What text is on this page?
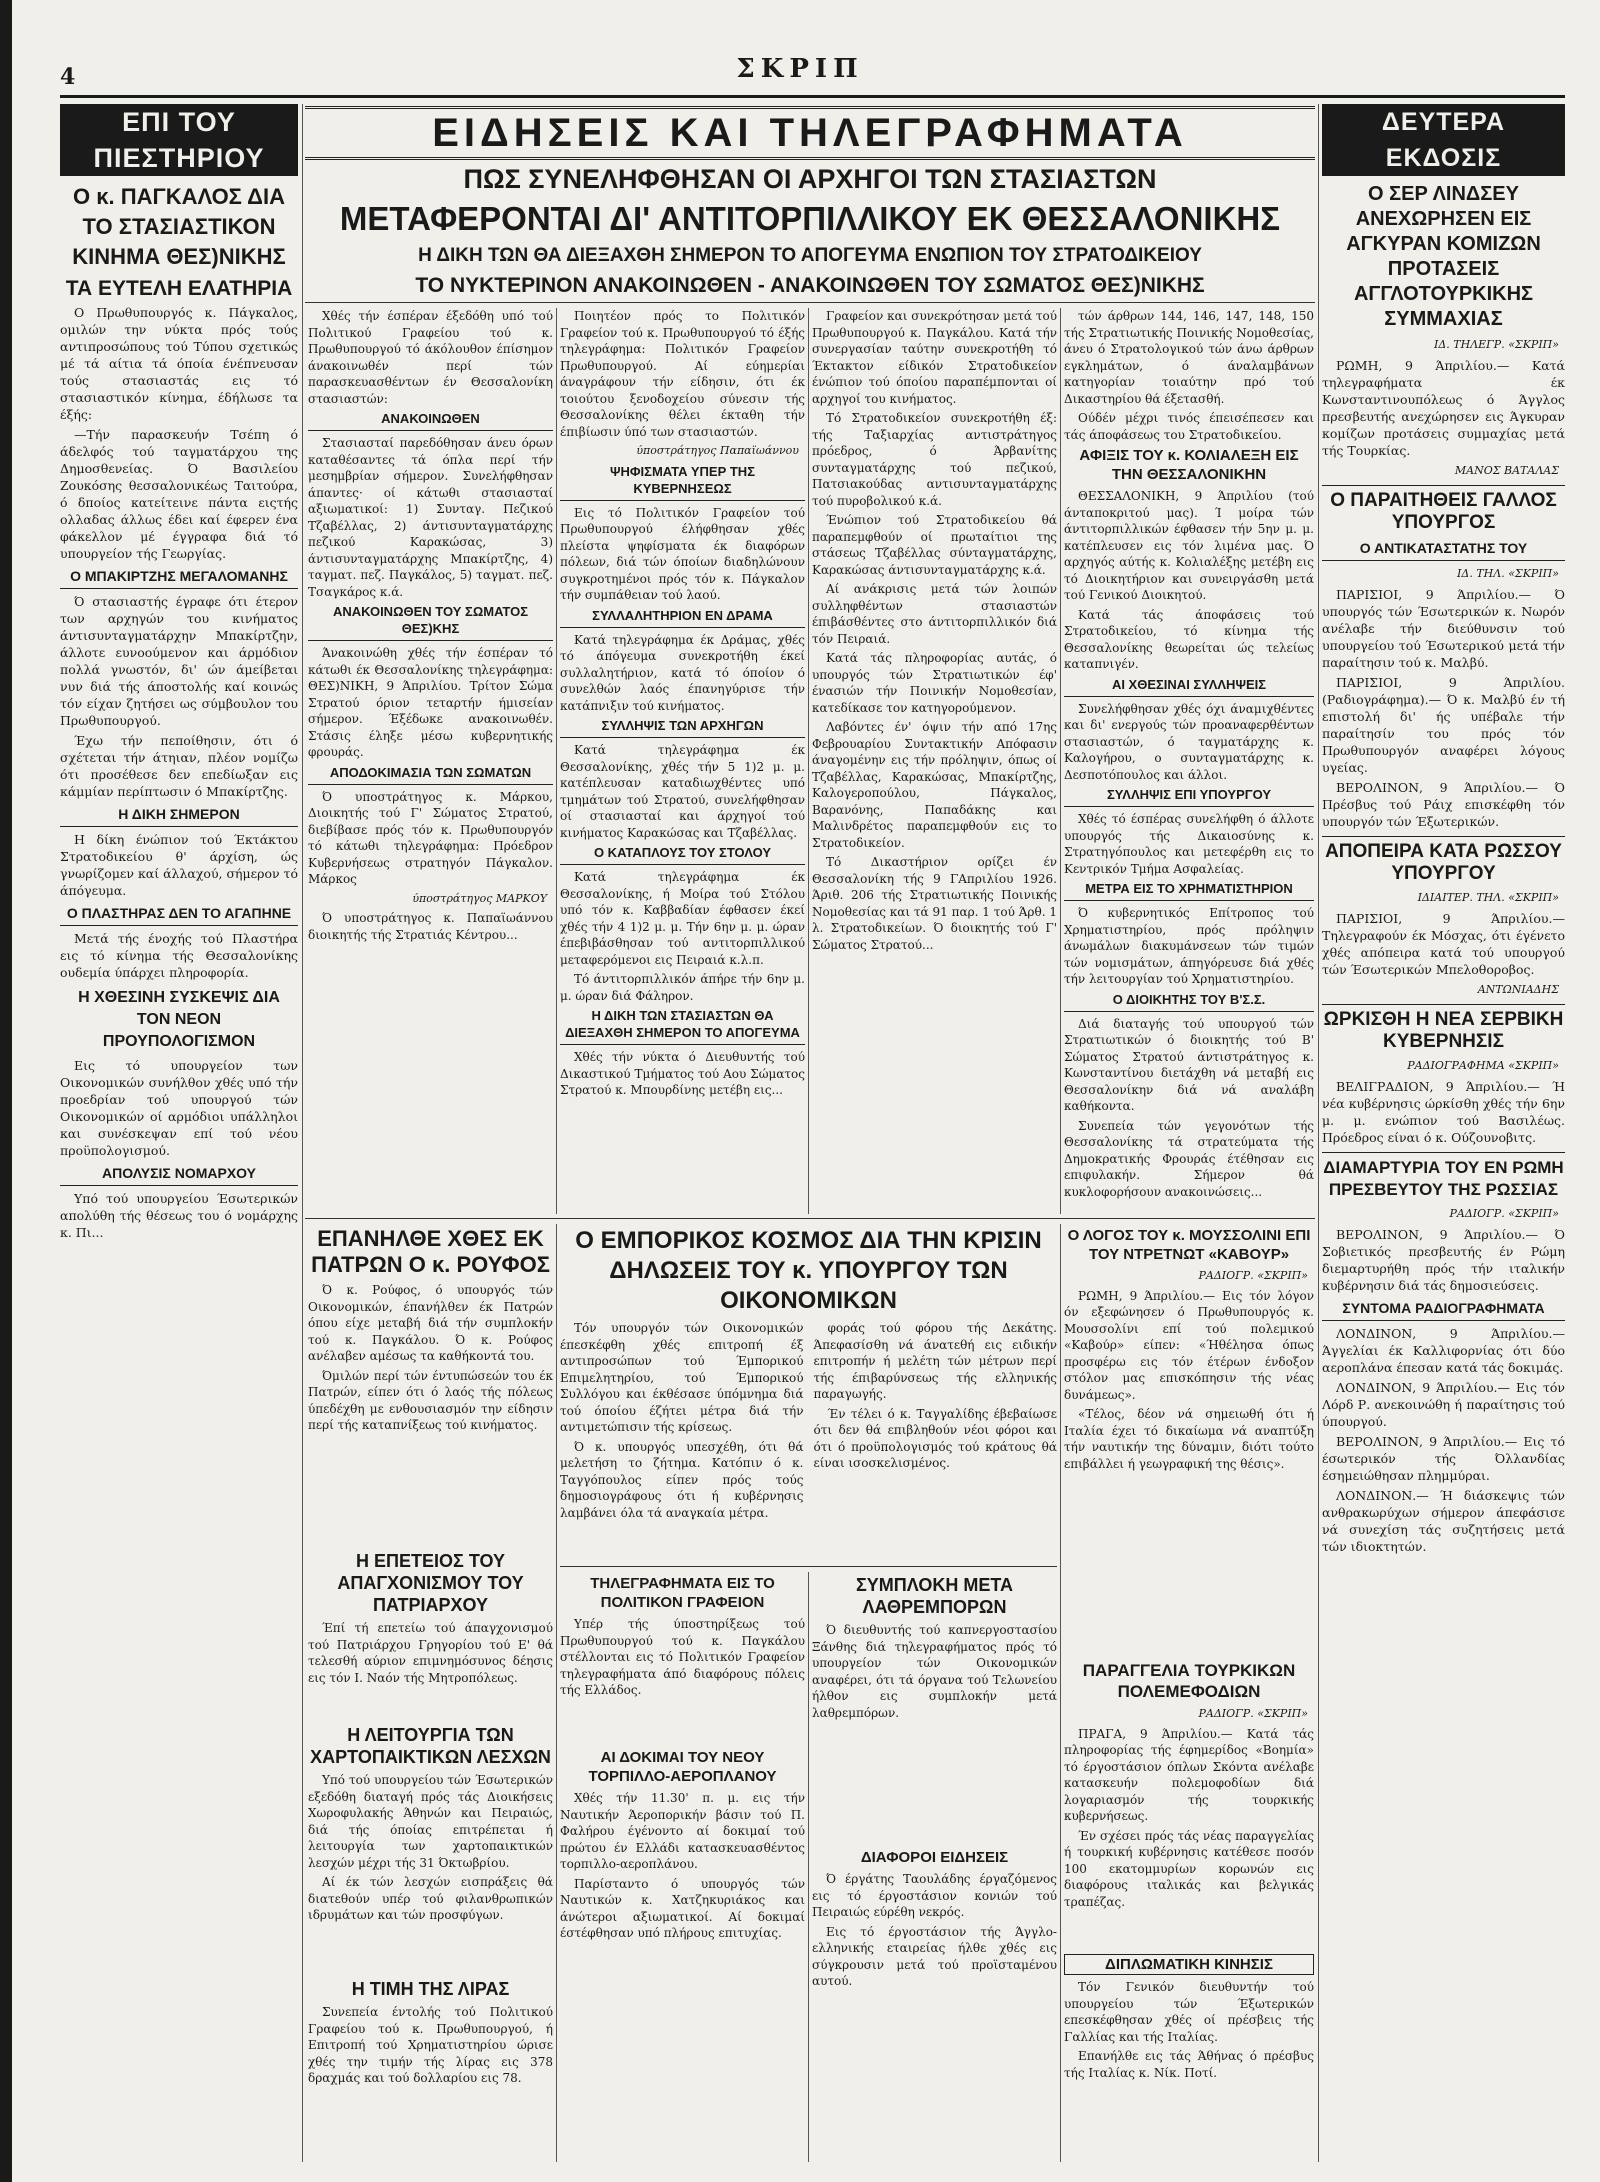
4	ΣΚΡΙΠ
ΕΠΙ ΤΟΥ ΠΙΕΣΤΗΡΙΟΥ
Ο κ. ΠΑΓΚΑΛΟΣ ΔΙΑ ΤΟ ΣΤΑΣΙΑΣΤΙΚΟΝ ΚΙΝΗΜΑ ΘΕΣ)ΝΙΚΗΣ
ΤΑ ΕΥΤΕΛΗ ΕΛΑΤΗΡΙΑ

Ο Πρωθυπουργός κ. Πάγκαλος, ομιλών την νύκτα πρός τούς αντιπροσώπους τού Τύπου σχετικώς μέ τά αίτια τά όποία ένέπνευσαν τούς στασιαστάς εις τό στασιαστικόν κίνημα, έδήλωσε τα έξής:

—Τήν παρασκευήν Τσέπη ό άδελφός τού ταγματάρχου της Δημοσθενείας. Ό Βασιλείου Ζουκόσης θεσσαλονικέως Ταιτούρα, ό δποίος κατείτεινε πάντα ειςτής ολλαδας άλλως έδει καί έφερεν ένα φάκελλον μέ έγγραφα διά τό υπουργείον τής Γεωργίας.

Ο ΜΠΑΚΙΡΤΖΗΣ ΜΕΓΑΛΟΜΑΝΗΣ

Ό στασιαστής έγραφε ότι έτερον των αρχηγών του κινήματος άντισυνταγματάρχην Μπακίρτζην, άλλοτε ευνοούμενον και άρμόδιον πολλά γνωστόν, δι' ών άμείβεται νυν διά τής άποστολής καί κοινώς τόν είχαν ζητήσει ως σύμβουλον του Πρωθυπουργού.

Έχω τήν πεποίθησιν, ότι ό σχέτεται τήν άτηιαν, πλέον νομίζω ότι προσέθεσε δεν επεδίωξαν εις κάμμίαν περίπτωσιν ό Μπακίρτζης.

Η ΔΙΚΗ ΣΗΜΕΡΟΝ

Η δίκη ένώπιον τού Έκτάκτου Στρατοδικείου θ' άρχίση, ώς γνωρίζομεν καί άλλαχού, σήμερον τό άπόγευμα.

Ο ΠΛΑΣΤΗΡΑΣ ΔΕΝ ΤΟ ΑΓΑΠΗΝΕ

Μετά τής ένοχής τού Πλαστήρα εις τό κίνημα τής Θεσσαλονίκης ουδεμία ύπάρχει πληροφορία.

Η ΧΘΕΣΙΝΗ ΣΥΣΚΕΨΙΣ ΔΙΑ ΤΟΝ ΝΕΟΝ ΠΡΟΥΠΟΛΟΓΙΣΜΟΝ

Εις τό υπουργείον των Οικονομικών συνήλθον χθές υπό τήν προεδρίαν τού υπουργού τών Οικονομικών οί αρμόδιοι υπάλληλοι και συνέσκεψαν επί τού νέου προϋπολογισμού.

ΑΠΟΛΥΣΙΣ ΝΟΜΑΡΧΟΥ

Υπό τού υπουργείου Έσωτερικών απολύθη τής θέσεως του ό νομάρχης κ. Πι...

ΕΙΔΗΣΕΙΣ ΚΑΙ ΤΗΛΕΓΡΑΦΗΜΑΤΑ
ΠΩΣ ΣΥΝΕΛΗΦΘΗΣΑΝ ΟΙ ΑΡΧΗΓΟΙ ΤΩΝ ΣΤΑΣΙΑΣΤΩΝ
ΜΕΤΑΦΕΡΟΝΤΑΙ ΔΙ' ΑΝΤΙΤΟΡΠΙΛΛΙΚΟΥ ΕΚ ΘΕΣΣΑΛΟΝΙΚΗΣ
Η ΔΙΚΗ ΤΩΝ ΘΑ ΔΙΕΞΑΧΘΗ ΣΗΜΕΡΟΝ ΤΟ ΑΠΟΓΕΥΜΑ ΕΝΩΠΙΟΝ ΤΟΥ ΣΤΡΑΤΟΔΙΚΕΙΟΥ
ΤΟ ΝΥΚΤΕΡΙΝΟΝ ΑΝΑΚΟΙΝΩΘΕΝ - ΑΝΑΚΟΙΝΩΘΕΝ ΤΟΥ ΣΩΜΑΤΟΣ ΘΕΣ)ΝΙΚΗΣ

Χθές τήν έσπέραν έξεδόθη υπό τού Πολιτικού Γραφείου τού κ. Πρωθυπουργού τό άκόλουθον έπίσημον άνακοινωθέν περί τών παρασκευασθέντων έν Θεσσαλονίκη στασιαστών:

ΑΝΑΚΟΙΝΩΘΕΝ

Στασιασταί παρεδόθησαν άνευ όρων καταθέσαντες τά όπλα περί τήν μεσημβρίαν σήμερον. Συνελήφθησαν άπαντες· οί κάτωθι στασιασταί αξιωματικοί: 1) Συνταγ. Πεζικού Τζαβέλλας, 2) άντισυνταγματάρχης πεζικού Καρακώσας, 3) άντισυνταγματάρχης Μπακίρτζης, 4) ταγματ. πεζ. Παγκάλος, 5) ταγματ. πεζ. Τσαγκάρος κ.ά.

ΑΝΑΚΟΙΝΩΘΕΝ ΤΟΥ ΣΩΜΑΤΟΣ ΘΕΣ)ΚΗΣ

Άνακοινώθη χθές τήν έσπέραν τό κάτωθι έκ Θεσσαλονίκης τηλεγράφημα: ΘΕΣ)ΝΙΚΗ, 9 Άπριλίου. Τρίτον Σώμα Στρατού όριον τεταρτήν ήμισείαν σήμερον. Έξέδωκε ανακοινωθέν. Στάσις έληξε μέσω κυβερνητικής φρουράς.

ΑΠΟΔΟΚΙΜΑΣΙΑ ΤΩΝ ΣΩΜΑΤΩΝ

Ό υποστράτηγος κ. Μάρκου, Διοικητής τού Γ' Σώματος Στρατού, διεβίβασε πρός τόν κ. Πρωθυπουργόν τό κάτωθι τηλεγράφημα: Πρόεδρον Κυβερνήσεως στρατηγόν Πάγκαλον. Μάρκος

ύποστράτηγος ΜΑΡΚΟΥ

Ό υποστράτηγος κ. Παπαϊωάννου διοικητής τής Στρατιάς Κέντρου...

Ποιητέον πρός το Πολιτικόν Γραφείον τού κ. Πρωθυπουργού τό έξής τηλεγράφημα: Πολιτικόν Γραφείον Πρωθυπουργού. Αί εύημερίαι άναγράφουν τήν είδησιν, ότι έκ τοιούτου ξενοδοχείου σύνεσιν τής Θεσσαλονίκης θέλει έκταθη τήν έπιβίωσιν ύπό των στασιαστών.

ύποστράτηγος Παπαϊωάννου
ΨΗΦΙΣΜΑΤΑ ΥΠΕΡ ΤΗΣ ΚΥΒΕΡΝΗΣΕΩΣ

Εις τό Πολιτικόν Γραφείον τού Πρωθυπουργού έλήφθησαν χθές πλείστα ψηφίσματα έκ διαφόρων πόλεων, διά τών όποίων διαδηλώνουν συγκροτημένοι πρός τόν κ. Πάγκαλον τήν συμπάθειαν τού λαού.

ΣΥΛΛΑΛΗΤΗΡΙΟΝ ΕΝ ΔΡΑΜΑ

Κατά τηλεγράφημα έκ Δράμας, χθές τό άπόγευμα συνεκροτήθη έκεί συλλαλητήριον, κατά τό όποίον ό συνελθών λαός έπανηγύρισε τήν κατάπνιξιν τού κινήματος.

ΣΥΛΛΗΨΙΣ ΤΩΝ ΑΡΧΗΓΩΝ

Κατά τηλεγράφημα έκ Θεσσαλονίκης, χθές τήν 5 1)2 μ. μ. κατέπλευσαν καταδιωχθέντες υπό τμημάτων τού Στρατού, συνελήφθησαν οί στασιασταί και άρχηγοί τού κινήματος Καρακώσας και Τζαβέλλας.

Ο ΚΑΤΑΠΛΟΥΣ ΤΟΥ ΣΤΟΛΟΥ

Κατά τηλεγράφημα έκ Θεσσαλονίκης, ή Μοίρα τού Στόλου υπό τόν κ. Καββαδίαν έφθασεν έκεί χθές τήν 4 1)2 μ. μ. Τήν 6ην μ. μ. ώραν έπεβιβάσθησαν τού αντιτορπιλλικού μεταφερόμενοι εις Πειραιά κ.λ.π.

Τό άντιτορπιλλικόν άπήρε τήν 6ην μ. μ. ώραν διά Φάληρον.

Η ΔΙΚΗ ΤΩΝ ΣΤΑΣΙΑΣΤΩΝ ΘΑ ΔΙΕΞΑΧΘΗ ΣΗΜΕΡΟΝ ΤΟ ΑΠΟΓΕΥΜΑ

Χθές τήν νύκτα ό Διευθυντής τού Δικαστικού Τμήματος τού Αου Σώματος Στρατού κ. Μπουρδίνης μετέβη εις...

Γραφείον και συνεκρότησαν μετά τού Πρωθυπουργού κ. Παγκάλου. Κατά τήν συνεργασίαν ταύτην συνεκροτήθη τό Έκτακτον είδικόν Στρατοδικείον ένώπιον τού όποίου παραπέμπονται οί αρχηγοί του κινήματος.

Τό Στρατοδικείον συνεκροτήθη έξ: τής Ταξιαρχίας αντιστράτηγος πρόεδρος, ό Άρβανίτης συνταγματάρχης τού πεζικού, Πατσιακούδας αντισυνταγματάρχης τού πυροβολικού κ.ά.

Ένώπιον τού Στρατοδικείου θά παραπεμφθούν οί πρωταίτιοι της στάσεως Τζαβέλλας σύνταγματάρχης, Καρακώσας άντισυνταγματάρχης κ.ά.

Αί ανάκρισις μετά τών λοιπών συλληφθέντων στασιαστών έπιβάσθέντες στο άντιτορπιλλικόν διά τόν Πειραιά.

Κατά τάς πληροφορίας αυτάς, ό υπουργός τών Στρατιωτικών έφ' ένασιών τήν Ποινικήν Νομοθεσίαν, κατεδίκασε τον κατηγορούμενον.

Λαβόντες έν' όψιν τήν από 17ης Φεβρουαρίου Συντακτικήν Απόφασιν άναγομένην εις τήν πρόληψιν, όπως οί Τζαβέλλας, Καρακώσας, Μπακίρτζης, Καλογεροπούλου, Πάγκαλος, Βαρανόνης, Παπαδάκης και Μαλινδρέτος παραπεμφθούν εις το Στρατοδικείον.

Τό Δικαστήριον ορίζει έν Θεσσαλονίκη τής 9 ΓΑπριλίου 1926. Άριθ. 206 τής Στρατιωτικής Ποινικής Νομοθεσίας και τά 91 παρ. 1 τού Άρθ. 1 λ. Στρατοδικείων. Ό διοικητής τού Γ' Σώματος Στρατού...

τών άρθρων 144, 146, 147, 148, 150 τής Στρατιωτικής Ποινικής Νομοθεσίας, άνευ ό Στρατολογικού τών άνω άρθρων εγκλημάτων, ό άναλαμβάνων κατηγορίαν τοιαύτην πρό τού Δικαστηρίου θά έξετασθή.

Ούδέν μέχρι τινός έπεισέπεσεν και τάς άποφάσεως του Στρατοδικείου.

ΑΦΙΞΙΣ ΤΟΥ κ. ΚΟΛΙΑΛΕΞΗ ΕΙΣ ΤΗΝ ΘΕΣΣΑΛΟΝΙΚΗΝ

ΘΕΣΣΑΛΟΝΙΚΗ, 9 Άπριλίου (τού άνταποκριτού μας). Ί μοίρα τών άντιτορπιλλικών έφθασεν τήν 5ην μ. μ. κατέπλευσεν εις τόν λιμένα μας. Ό αρχηγός αύτής κ. Κολιαλέξης μετέβη εις τό Διοικητήριον και συνειργάσθη μετά τού Γενικού Διοικητού.

Κατά τάς άποφάσεις τού Στρατοδικείου, τό κίνημα τής Θεσσαλονίκης θεωρείται ώς τελείως καταπνιγέν.

ΑΙ ΧΘΕΣΙΝΑΙ ΣΥΛΛΗΨΕΙΣ

Συνελήφθησαν χθές όχι άναμιχθέντες και δι' ενεργούς τών προαναφερθέντων στασιαστών, ό ταγματάρχης κ. Καλογήρου, ο συνταγματάρχης κ. Δεσποτόπουλος και άλλοι.

ΣΥΛΛΗΨΙΣ ΕΠΙ ΥΠΟΥΡΓΟΥ

Χθές τό έσπέρας συνελήφθη ό άλλοτε υπουργός τής Δικαιοσύνης κ. Στρατηγόπουλος και μετεφέρθη εις το Κεντρικόν Τμήμα Ασφαλείας.

ΜΕΤΡΑ ΕΙΣ ΤΟ ΧΡΗΜΑΤΙΣΤΗΡΙΟΝ

Ό κυβερνητικός Επίτροπος τού Χρηματιστηρίου, πρός πρόληψιν άνωμάλων διακυμάνσεων τών τιμών τών νομισμάτων, άπηγόρευσε διά χθές τήν λειτουργίαν τού Χρηματιστηρίου.

Ο ΔΙΟΙΚΗΤΗΣ ΤΟΥ Β'Σ.Σ.

Διά διαταγής τού υπουργού τών Στρατιωτικών ό διοικητής τού Β' Σώματος Στρατού άντιστράτηγος κ. Κωνσταντίνου διετάχθη νά μεταβή εις Θεσσαλονίκην διά νά αναλάβη καθήκοντα.

Συνεπεία τών γεγονότων τής Θεσσαλονίκης τά στρατεύματα τής Δημοκρατικής Φρουράς έτέθησαν εις επιφυλακήν. Σήμερον θά κυκλοφορήσουν ανακοινώσεις...

ΕΠΑΝΗΛΘΕ ΧΘΕΣ ΕΚ ΠΑΤΡΩΝ Ο κ. ΡΟΥΦΟΣ

Ό κ. Ρούφος, ό υπουργός τών Οικονομικών, έπανήλθεν έκ Πατρών όπου είχε μεταβή διά τήν συμπλοκήν τού κ. Παγκάλου. Ό κ. Ρούφος ανέλαβεν αμέσως τα καθήκοντά του.

Όμιλών περί τών έντυπώσεών του έκ Πατρών, είπεν ότι ό λαός τής πόλεως ύπεδέχθη με ενθουσιασμόν την είδησιν περί τής καταπνίξεως τού κινήματος.

Η ΕΠΕΤΕΙΟΣ ΤΟΥ ΑΠΑΓΧΟΝΙΣΜΟΥ ΤΟΥ ΠΑΤΡΙΑΡΧΟΥ

Έπί τή επετείω τού άπαγχονισμού τού Πατριάρχου Γρηγορίου τού Ε' θά τελεσθή αύριον επιμνημόσυνος δέησις εις τόν Ι. Ναόν τής Μητροπόλεως.

Η ΛΕΙΤΟΥΡΓΙΑ ΤΩΝ ΧΑΡΤΟΠΑΙΚΤΙΚΩΝ ΛΕΣΧΩΝ

Υπό τού υπουργείου τών Έσωτερικών εξεδόθη διαταγή πρός τάς Διοικήσεις Χωροφυλακής Άθηνών και Πειραιώς, διά τής όποίας επιτρέπεται ή λειτουργία των χαρτοπαικτικών λεσχών μέχρι τής 31 Όκτωβρίου.

Αί έκ τών λεσχών εισπράξεις θά διατεθούν υπέρ τού φιλανθρωπικών ιδρυμάτων και τών προσφύγων.

Η ΤΙΜΗ ΤΗΣ ΛΙΡΑΣ

Συνεπεία έντολής τού Πολιτικού Γραφείου τού κ. Πρωθυπουργού, ή Επιτροπή τού Χρηματιστηρίου ώρισε χθές την τιμήν τής λίρας εις 378 δραχμάς και τού δολλαρίου εις 78.

Ο ΕΜΠΟΡΙΚΟΣ ΚΟΣΜΟΣ ΔΙΑ ΤΗΝ ΚΡΙΣΙΝ ΔΗΛΩΣΕΙΣ ΤΟΥ κ. ΥΠΟΥΡΓΟΥ ΤΩΝ ΟΙΚΟΝΟΜΙΚΩΝ

Τόν υπουργόν τών Οικονομικών έπεσκέφθη χθές επιτροπή έξ αντιπροσώπων τού Έμπορικού Επιμελητηρίου, τού Έμπορικού Συλλόγου και έκθέσασε ύπόμνημα διά τού όποίου έζήτει μέτρα διά τήν αντιμετώπισιν τής κρίσεως.

Ό κ. υπουργός υπεσχέθη, ότι θά μελετήση το ζήτημα. Κατόπιν ό κ. Ταγγόπουλος είπεν πρός τούς δημοσιογράφους ότι ή κυβέρνησις λαμβάνει όλα τά αναγκαία μέτρα.

φοράς τού φόρου τής Δεκάτης. Άπεφασίσθη νά άνατεθή εις ειδικήν επιτροπήν ή μελέτη τών μέτρων περί τής έπιβαρύνσεως τής ελληνικής παραγωγής.

Έν τέλει ό κ. Ταγγαλίδης έβεβαίωσε ότι δεν θά επιβληθούν νέοι φόροι και ότι ό προϋπολογισμός τού κράτους θά είναι ισοσκελισμένος.

ΤΗΛΕΓΡΑΦΗΜΑΤΑ ΕΙΣ ΤΟ ΠΟΛΙΤΙΚΟΝ ΓΡΑΦΕΙΟΝ

Υπέρ τής ύποστηρίξεως τού Πρωθυπουργού τού κ. Παγκάλου στέλλονται εις τό Πολιτικόν Γραφείον τηλεγραφήματα άπό διαφόρους πόλεις τής Ελλάδος.

ΑΙ ΔΟΚΙΜΑΙ ΤΟΥ ΝΕΟΥ ΤΟΡΠΙΛΛΟ-ΑΕΡΟΠΛΑΝΟΥ

Χθές τήν 11.30' π. μ. εις τήν Ναυτικήν Άεροπορικήν βάσιν τού Π. Φαλήρου έγένοντο αί δοκιμαί τού πρώτου έν Ελλάδι κατασκευασθέντος τορπιλλο-αεροπλάνου.

Παρίσταντο ό υπουργός τών Ναυτικών κ. Χατζηκυριάκος και άνώτεροι αξιωματικοί. Αί δοκιμαί έστέφθησαν υπό πλήρους επιτυχίας.

ΣΥΜΠΛΟΚΗ ΜΕΤΑ ΛΑΘΡΕΜΠΟΡΩΝ

Ό διευθυντής τού καπνεργοστασίου Ξάνθης διά τηλεγραφήματος πρός τό υπουργείον τών Οικονομικών αναφέρει, ότι τά όργανα τού Τελωνείου ήλθον εις συμπλοκήν μετά λαθρεμπόρων.

ΔΙΑΦΟΡΟΙ ΕΙΔΗΣΕΙΣ

Ό έργάτης Ταουλάδης έργαζόμενος εις τό έργοστάσιον κονιών τού Πειραιώς εύρέθη νεκρός.

Εις τό έργοστάσιον τής Άγγλο-ελληνικής εταιρείας ήλθε χθές εις σύγκρουσιν μετά τού προϊσταμένου αυτού.

Ο ΛΟΓΟΣ ΤΟΥ κ. ΜΟΥΣΣΟΛΙΝΙ ΕΠΙ ΤΟΥ ΝΤΡΕΤΝΩΤ «ΚΑΒΟΥΡ»
ΡΑΔΙΟΓΡ. «ΣΚΡΙΠ»

ΡΩΜΗ, 9 Άπριλίου.— Εις τόν λόγον όν εξεφώνησεν ό Πρωθυπουργός κ. Μουσσολίνι επί τού πολεμικού «Καβούρ» είπεν: «Ήθέλησα όπως προσφέρω εις τόν έτέρων ένδοξον στόλον μας επισκόπησιν τής νέας δυνάμεως».

«Τέλος, δέον νά σημειωθή ότι ή Ιταλία έχει τό δικαίωμα νά αναπτύξη τήν ναυτικήν της δύναμιν, διότι τούτο επιβάλλει ή γεωγραφική της θέσις».

ΠΑΡΑΓΓΕΛΙΑ ΤΟΥΡΚΙΚΩΝ ΠΟΛΕΜΕΦΟΔΙΩΝ
ΡΑΔΙΟΓΡ. «ΣΚΡΙΠ»

ΠΡΑΓΑ, 9 Άπριλίου.— Κατά τάς πληροφορίας τής έφημερίδος «Βοημία» τό έργοστάσιον όπλων Σκόντα ανέλαβε κατασκευήν πολεμοφοδίων διά λογαριασμόν τής τουρκικής κυβερνήσεως.

Έν σχέσει πρός τάς νέας παραγγελίας ή τουρκική κυβέρνησις κατέθεσε ποσόν 100 εκατομμυρίων κορωνών εις διαφόρους ιταλικάς και βελγικάς τραπέζας.

ΔΙΠΛΩΜΑΤΙΚΗ ΚΙΝΗΣΙΣ

Τόν Γενικόν διευθυντήν τού υπουργείου τών Έξωτερικών επεσκέφθησαν χθές οί πρέσβεις τής Γαλλίας και τής Ιταλίας.

Επανήλθε εις τάς Άθήνας ό πρέσβυς τής Ιταλίας κ. Νίκ. Ποτί.

ΔΕΥΤΕΡΑ ΕΚΔΟΣΙΣ
Ο ΣΕΡ ΛΙΝΔΣΕΥ ΑΝΕΧΩΡΗΣΕΝ ΕΙΣ ΑΓΚΥΡΑΝ ΚΟΜΙΖΩΝ ΠΡΟΤΑΣΕΙΣ ΑΓΓΛΟΤΟΥΡΚΙΚΗΣ ΣΥΜΜΑΧΙΑΣ
ΙΔ. ΤΗΛΕΓΡ. «ΣΚΡΙΠ»

ΡΩΜΗ, 9 Άπριλίου.— Κατά τηλεγραφήματα έκ Κωνσταντινουπόλεως ό Άγγλος πρεσβευτής ανεχώρησεν εις Άγκυραν κομίζων προτάσεις συμμαχίας μετά τής Τουρκίας.

ΜΑΝΟΣ ΒΑΤΑΛΑΣ
Ο ΠΑΡΑΙΤΗΘΕΙΣ ΓΑΛΛΟΣ ΥΠΟΥΡΓΟΣ
Ο ΑΝΤΙΚΑΤΑΣΤΑΤΗΣ ΤΟΥ
ΙΔ. ΤΗΛ. «ΣΚΡΙΠ»

ΠΑΡΙΣΙΟΙ, 9 Άπριλίου.— Ό υπουργός τών Έσωτερικών κ. Νωρόν ανέλαβε τήν διεύθυνσιν τού υπουργείου τού Έσωτερικού μετά τήν παραίτησιν τού κ. Μαλβύ.

ΠΑΡΙΣΙΟΙ, 9 Άπριλίου. (Ραδιογράφημα).— Ό κ. Μαλβύ έν τή επιστολή δι' ής υπέβαλε τήν παραίτησίν του πρός τόν Πρωθυπουργόν αναφέρει λόγους υγείας.

ΒΕΡΟΛΙΝΟΝ, 9 Άπριλίου.— Ό Πρέσβυς τού Ράιχ επισκέφθη τόν υπουργόν τών Έξωτερικών.

ΑΠΟΠΕΙΡΑ ΚΑΤΑ ΡΩΣΣΟΥ ΥΠΟΥΡΓΟΥ
ΙΔΙΑΙΤΕΡ. ΤΗΛ. «ΣΚΡΙΠ»

ΠΑΡΙΣΙΟΙ, 9 Άπριλίου.— Τηλεγραφούν έκ Μόσχας, ότι έγένετο χθές απόπειρα κατά τού υπουργού τών Έσωτερικών Μπελοθοροβος.

ΑΝΤΩΝΙΑΔΗΣ
ΩΡΚΙΣΘΗ Η ΝΕΑ ΣΕΡΒΙΚΗ ΚΥΒΕΡΝΗΣΙΣ
ΡΑΔΙΟΓΡΑΦΗΜΑ «ΣΚΡΙΠ»

ΒΕΛΙΓΡΑΔΙΟΝ, 9 Άπριλίου.— Ή νέα κυβέρνησις ώρκίσθη χθές τήν 6ην μ. μ. ενώπιον τού Βασιλέως. Πρόεδρος είναι ό κ. Ούζουνοβιτς.

ΔΙΑΜΑΡΤΥΡΙΑ ΤΟΥ ΕΝ ΡΩΜΗ ΠΡΕΣΒΕΥΤΟΥ ΤΗΣ ΡΩΣΣΙΑΣ
ΡΑΔΙΟΓΡ. «ΣΚΡΙΠ»

ΒΕΡΟΛΙΝΟΝ, 9 Άπριλίου.— Ό Σοβιετικός πρεσβευτής έν Ρώμη διεμαρτυρήθη πρός τήν ιταλικήν κυβέρνησιν διά τάς δημοσιεύσεις.

ΣΥΝΤΟΜΑ ΡΑΔΙΟΓΡΑΦΗΜΑΤΑ

ΛΟΝΔΙΝΟΝ, 9 Άπριλίου.— Άγγελίαι έκ Καλλιφορνίας ότι δύο αεροπλάνα έπεσαν κατά τάς δοκιμάς.

ΛΟΝΔΙΝΟΝ, 9 Άπριλίου.— Εις τόν Λόρδ Ρ. ανεκοινώθη ή παραίτησις τού ύπουργού.

ΒΕΡΟΛΙΝΟΝ, 9 Άπριλίου.— Εις τό έσωτερικόν τής Όλλανδίας έσημειώθησαν πλημμύραι.

ΛΟΝΔΙΝΟΝ.— Ή διάσκεψις τών ανθρακωρύχων σήμερον άπεφάσισε νά συνεχίση τάς συζητήσεις μετά τών ιδιοκτητών.
